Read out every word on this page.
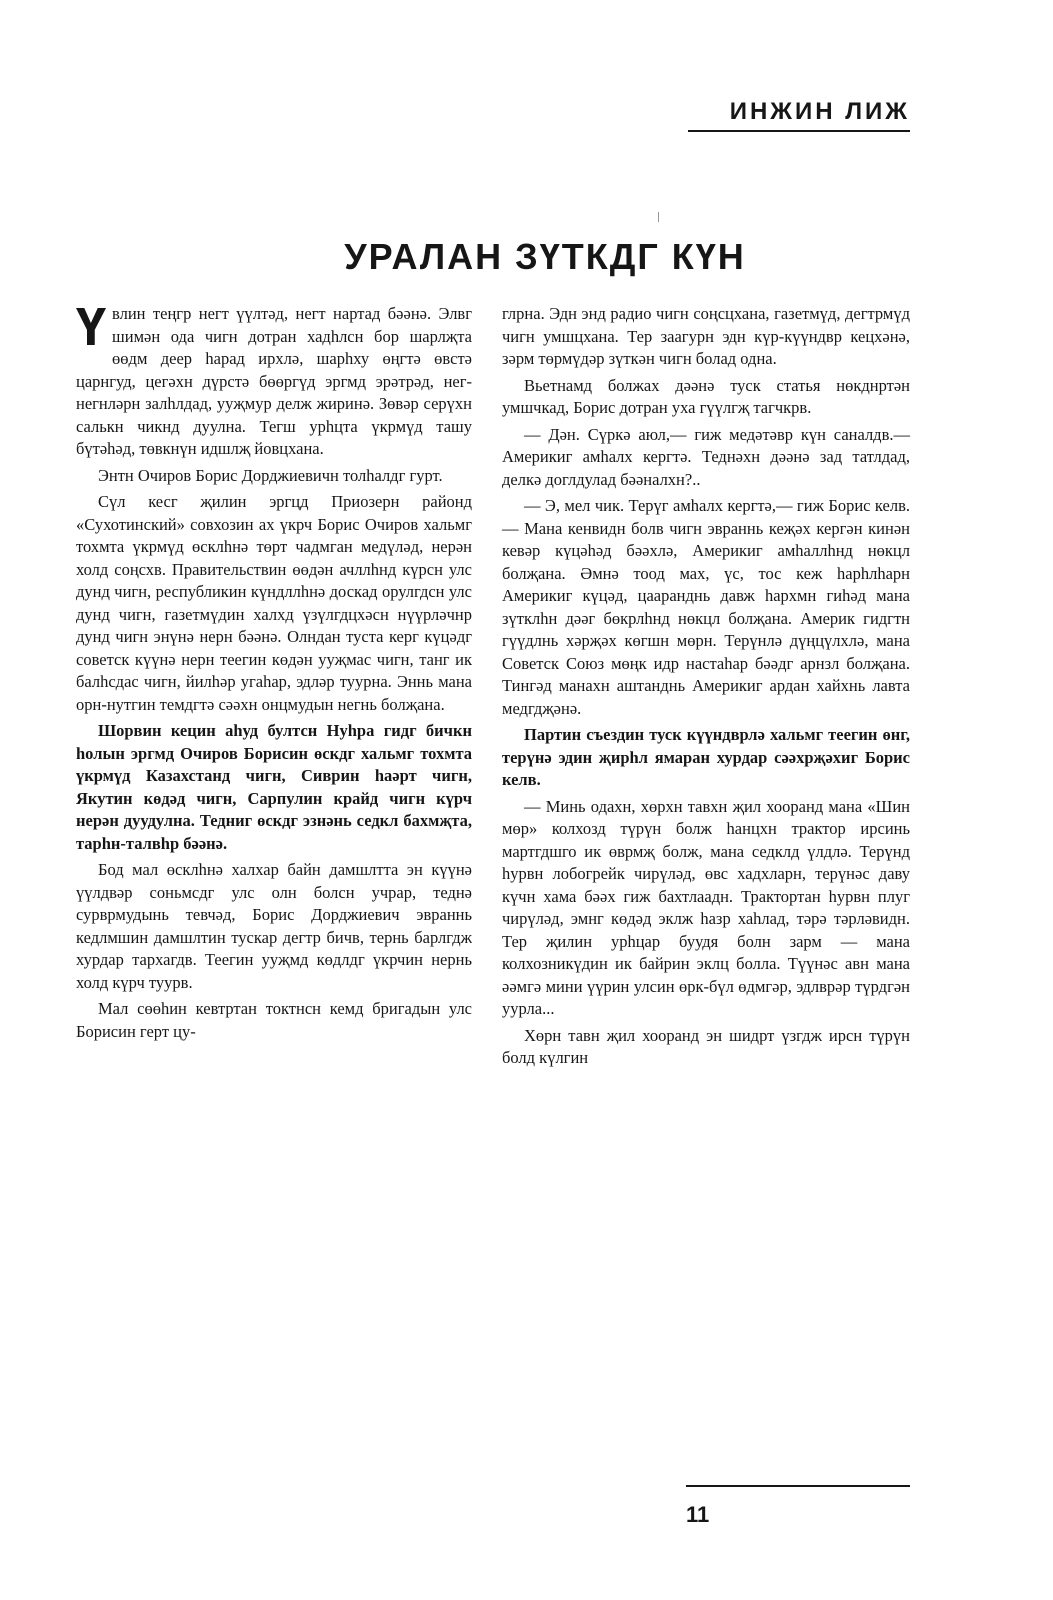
ИНЖИН ЛИЖ
УРАЛАН ЗҮТКДГ КҮН

Үвлин теңгр негт үүлтәд, негт нартад бәәнә. Элвг шимән ода чигн дотран хадһлсн бор шарлҗта өөдм деер һарад ирхлә, шарһху өңгтә өвстә царнгуд, цегәхн дүрстә бөөргүд эргмд эрәтрәд, нег-негнләрн залһлдад, ууҗмур делж жиринә. Зөвәр серүхн салькн чикнд дуулна. Тегш урһцта үкрмүд ташу бүтәһәд, төвкнүн идшлҗ йовцхана.

Энтн Очиров Борис Дорджиевичн толһалдг гурт.

Сүл кесг җилин эргцд Приозерн районд «Сухотинский» совхозин ах үкрч Борис Очиров хальмг тохмта үкрмүд өсклһнә төрт чадмган медүләд, нерән холд соңсхв. Правительствин өөдән ачллһнд күрсн улс дунд чигн, республикин күндллһнә доскад орулгдсн улс дунд чигн, газетмүдин халхд үзүлгдцхәсн нүүрләчнр дунд чигн энүнә нерн бәәнә. Олндан туста керг күцәдг советск күүнә нерн теегин көдән ууҗмас чигн, танг ик балһсдас чигн, йилһәр угаһар, эдләр туурна. Эннь мана орн-нутгин темдгтә сәәхн онцмудын негнь болҗана.

Шорвин кецин аһуд бултсн Нуһра гидг бичкн һолын эргмд Очиров Борисин өскдг хальмг тохмта үкрмүд Казахстанд чигн, Сиврин һаәрт чигн, Якутин көдәд чигн, Сарпулин крайд чигн күрч нерән дуудулна. Тедниг өскдг эзнәнь седкл бахмҗта, тарһн-талвһр бәәнә.

Бод мал өсклһнә халхар байн дамшлтта эн күүнә үүлдвәр соньмсдг улс олн болсн учрар, теднә сурврмудынь тевчәд, Борис Дорджиевич эвраннь кедлмшин дамшлтин тускар дегтр бичв, тернь барлгдж хурдар тархагдв. Теегин ууҗмд көдлдг үкрчин нернь холд күрч туурв.

Мал сөөһин кевтртан токтнсн кемд бригадын улс Борисин герт цу-

глрна. Эдн энд радио чигн соңсцхана, газетмүд, дегтрмүд чигн умшцхана. Тер заагурн эдн күр-күүндвр кецхәнә, зәрм төрмүдәр зүткән чигн болад одна.

Вьетнамд болжах дәәнә туск статья нөкднртән умшчкад, Борис дотран уха гүүлгҗ тагчкрв.

— Дән. Сүркә аюл,— гиж медәтәвр күн саналдв.— Америкиг амһалх кергтә. Теднәхн дәәнә зад татлдад, делкә доглдулад бәәналхн?..

— Э, мел чик. Терүг амһалх кергтә,— гиж Борис келв.— Мана кенвидн болв чигн эвраннь кеҗәх кергән кинән кевәр күцәһәд бәәхлә, Америкиг амһаллһнд нөкцл болҗана. Әмнә тоод мах, үс, тос кеж һарһлһарн Америкиг күцәд, цааранднь давж һархмн гиһәд мана зүтклһн дәәг бөкрлһнд нөкцл болҗана. Америк гидгтн гүүдлнь хәрҗәх көгшн мөрн. Терүнлә дүңцүлхлә, мана Советск Союз мөңк идр настаһар бәәдг арнзл болҗана. Тингәд манахн аштанднь Америкиг ардан хайхнь лавта медгдҗәнә.

Партин съездин туск күүндврлә хальмг теегин өнг, терүнә эдин җирһл ямаран хурдар сәәхрҗәхиг Борис келв.

— Минь одахн, хөрхн тавхн җил хооранд мана «Шин мөр» колхозд түрүн болж һанцхн трактор ирсинь мартгдшго ик өврмҗ болж, мана седклд үлдлә. Терүнд һурвн лобогрейк чирүләд, өвс хадхларн, терүнәс даву күчн хама бәәх гиж бахтлаадн. Трактортан һурвн плуг чирүләд, эмнг көдәд эклж һазр хаһлад, тәрә тәрләвидн. Тер җилин урһцар буудя болн зарм — мана колхозникүдин ик байрин эклц болла. Түүнәс авн мана әәмгә мини үүрин улсин өрк-бүл өдмгәр, эдлврәр түрдгән уурла...

Хөрн тавн җил хооранд эн шидрт үзгдж ирсн түрүн болд күлгин

11
